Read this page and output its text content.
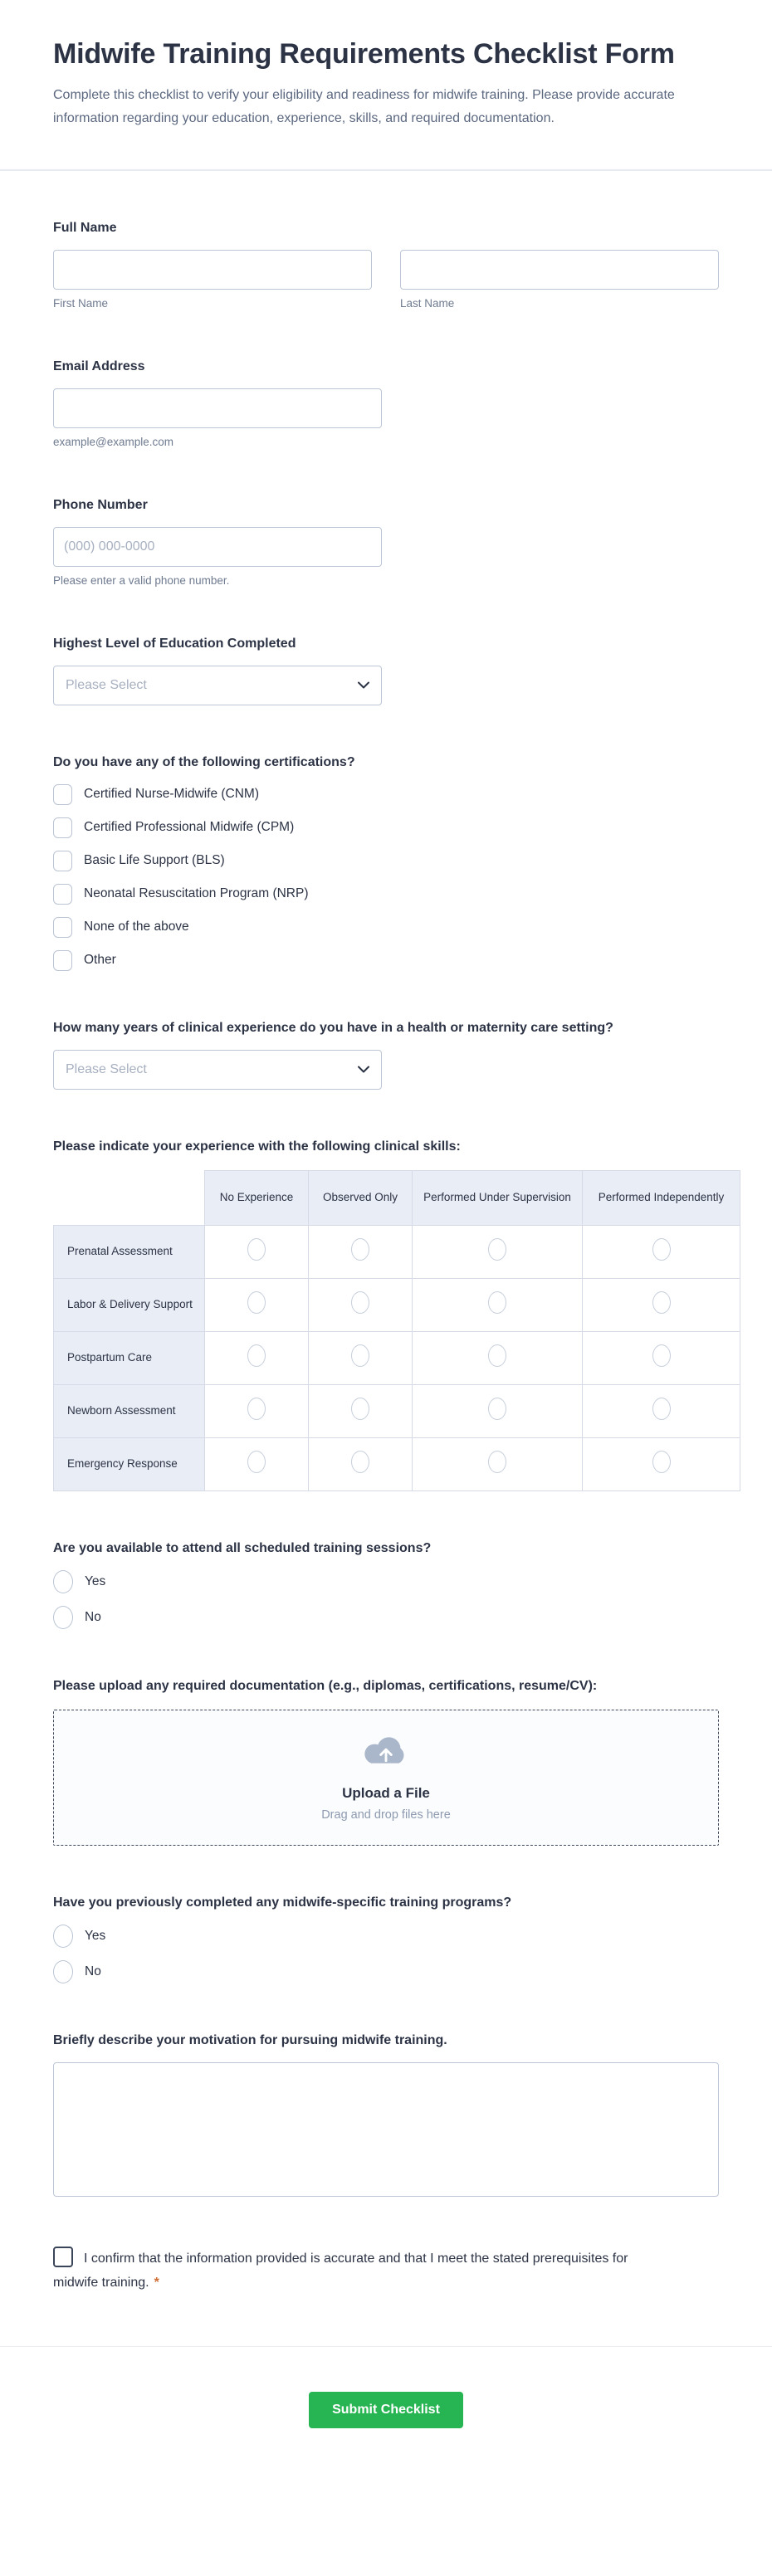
Midwife Training Requirements Checklist Form

Complete this checklist to verify your eligibility and readiness for midwife training. Please provide accurate information regarding your education, experience, skills, and required documentation.

Full Name
First Name	Last Name
Email Address
example@example.com
Phone Number
(000) 000-0000
Please enter a valid phone number.
Highest Level of Education Completed
Please Select
Do you have any of the following certifications?
Certified Nurse-Midwife (CNM)
Certified Professional Midwife (CPM)
Basic Life Support (BLS)
Neonatal Resuscitation Program (NRP)
None of the above
Other
How many years of clinical experience do you have in a health or maternity care setting?
Please Select
Please indicate your experience with the following clinical skills:
	No Experience	Observed Only	Performed Under Supervision	Performed Independently
Prenatal Assessment				
Labor & Delivery Support				
Postpartum Care				
Newborn Assessment				
Emergency Response				
Are you available to attend all scheduled training sessions?
Yes
No
Please upload any required documentation (e.g., diplomas, certifications, resume/CV):
Upload a File
Drag and drop files here
Have you previously completed any midwife-specific training programs?
Yes
No
Briefly describe your motivation for pursuing midwife training.
I confirm that the information provided is accurate and that I meet the stated prerequisites for midwife training. *
Submit Checklist
